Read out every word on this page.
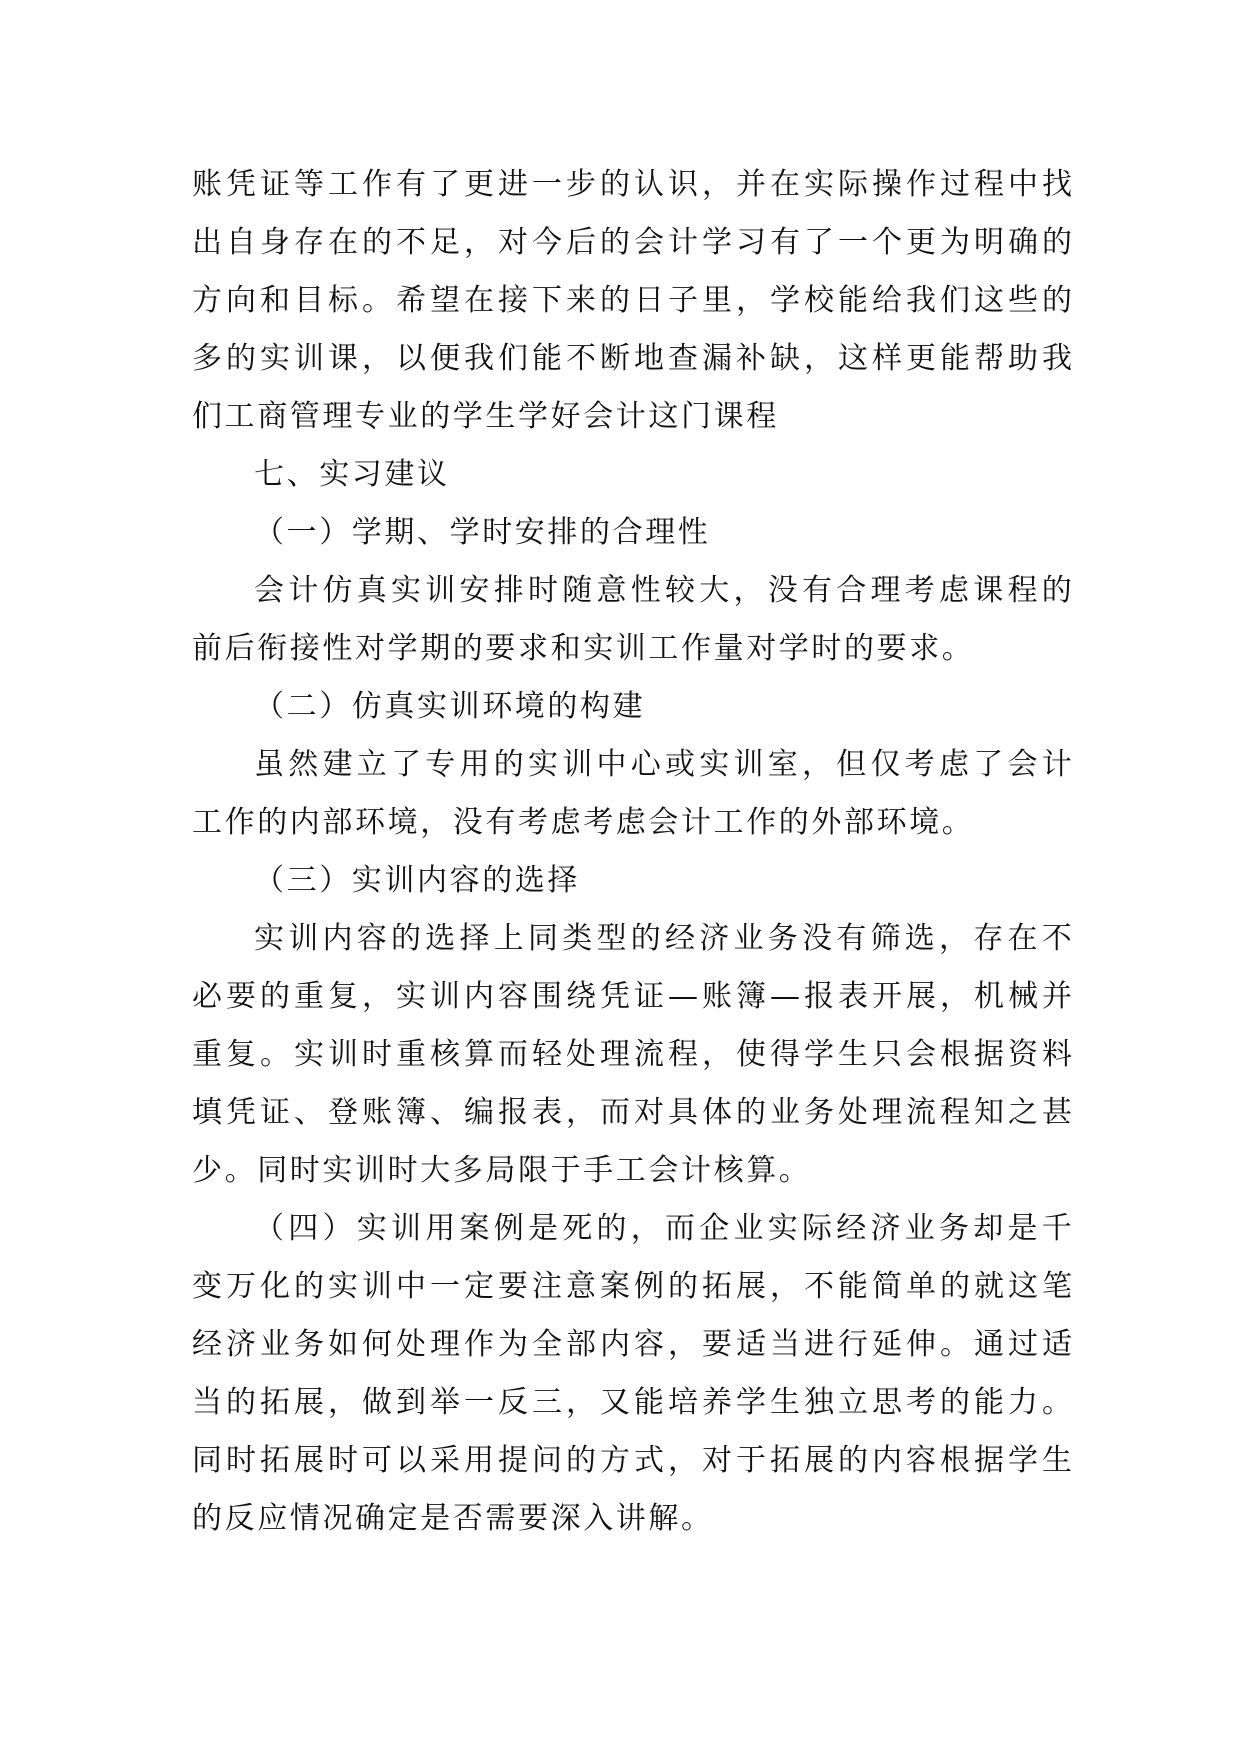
账 凭 证 等 工 作 有 了 更 进 一 步 的 认 识 ， 并 在 实 际 操 作 过 程 中 找
出 自 身 存 在 的 不 足 ， 对 今 后 的 会 计 学 习 有 了 一 个 更 为 明 确 的
方 向 和 目 标 。 希 望 在 接 下 来 的 日 子 里 ， 学 校 能 给 我 们 这 些 的
多 的 实 训 课 ， 以 便 我 们 能 不 断 地 查 漏 补 缺 ， 这 样 更 能 帮 助 我
们工商管理专业的学生学好会计这门课程
七、实习建议
（一）学期、学时安排的合理性
会 计 仿 真 实 训 安 排 时 随 意 性 较 大 ， 没 有 合 理 考 虑 课 程 的
前后衔接性对学期的要求和实训工作量对学时的要求。
（二）仿真实训环境的构建
虽 然 建 立 了 专 用 的 实 训 中 心 或 实 训 室 ， 但 仅 考 虑 了 会 计
工作的内部环境，没有考虑考虑会计工作的外部环境。
（三）实训内容的选择
实 训 内 容 的 选 择 上 同 类 型 的 经 济 业 务 没 有 筛 选 ， 存 在 不
必 要 的 重 复 ， 实 训 内 容 围 绕 凭 证 — 账 簿 — 报 表 开 展 ， 机 械 并
重 复 。 实 训 时 重 核 算 而 轻 处 理 流 程 ， 使 得 学 生 只 会 根 据 资 料
填 凭 证 、 登 账 簿 、 编 报 表 ， 而 对 具 体 的 业 务 处 理 流 程 知 之 甚
少。同时实训时大多局限于手工会计核算。
（ 四 ） 实 训 用 案 例 是 死 的 ， 而 企 业 实 际 经 济 业 务 却 是 千
变 万 化 的 实 训 中 一 定 要 注 意 案 例 的 拓 展 ， 不 能 简 单 的 就 这 笔
经 济 业 务 如 何 处 理 作 为 全 部 内 容 ， 要 适 当 进 行 延 伸 。 通 过 适
当 的 拓 展 ， 做 到 举 一 反 三 ， 又 能 培 养 学 生 独 立 思 考 的 能 力 。
同 时 拓 展 时 可 以 采 用 提 问 的 方 式 ， 对 于 拓 展 的 内 容 根 据 学 生
的反应情况确定是否需要深入讲解。
